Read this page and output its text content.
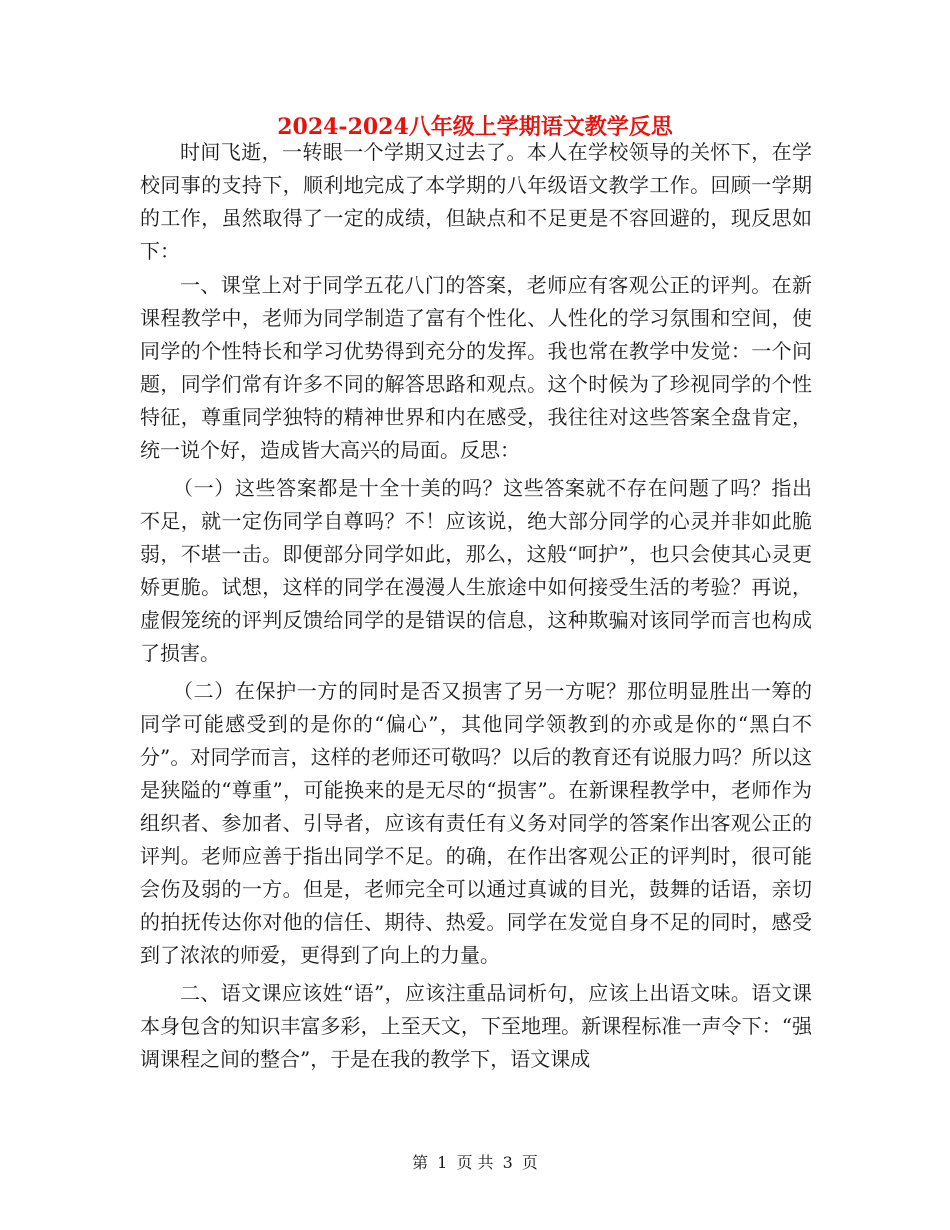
2024-2024八年级上学期语文教学反思

时间飞逝，一转眼一个学期又过去了。本人在学校领导的关怀下，在学校同事的支持下，顺利地完成了本学期的八年级语文教学工作。回顾一学期的工作，虽然取得了一定的成绩，但缺点和不足更是不容回避的，现反思如下：

一、课堂上对于同学五花八门的答案，老师应有客观公正的评判。在新课程教学中，老师为同学制造了富有个性化、人性化的学习氛围和空间，使同学的个性特长和学习优势得到充分的发挥。我也常在教学中发觉：一个问题，同学们常有许多不同的解答思路和观点。这个时候为了珍视同学的个性特征，尊重同学独特的精神世界和内在感受，我往往对这些答案全盘肯定，统一说个好，造成皆大高兴的局面。反思：

（一）这些答案都是十全十美的吗？这些答案就不存在问题了吗？指出不足，就一定伤同学自尊吗？不！应该说，绝大部分同学的心灵并非如此脆弱，不堪一击。即便部分同学如此，那么，这般“呵护”，也只会使其心灵更娇更脆。试想，这样的同学在漫漫人生旅途中如何接受生活的考验？再说，虚假笼统的评判反馈给同学的是错误的信息，这种欺骗对该同学而言也构成了损害。

（二）在保护一方的同时是否又损害了另一方呢？那位明显胜出一筹的同学可能感受到的是你的“偏心”，其他同学领教到的亦或是你的“黑白不分”。对同学而言，这样的老师还可敬吗？以后的教育还有说服力吗？所以这是狭隘的“尊重”，可能换来的是无尽的“损害”。在新课程教学中，老师作为组织者、参加者、引导者，应该有责任有义务对同学的答案作出客观公正的评判。老师应善于指出同学不足。的确，在作出客观公正的评判时，很可能会伤及弱的一方。但是，老师完全可以通过真诚的目光，鼓舞的话语，亲切的拍抚传达你对他的信任、期待、热爱。同学在发觉自身不足的同时，感受到了浓浓的师爱，更得到了向上的力量。

二、语文课应该姓“语”，应该注重品词析句，应该上出语文味。语文课本身包含的知识丰富多彩，上至天文，下至地理。新课程标准一声令下：“强调课程之间的整合”，于是在我的教学下，语文课成

第 1 页 共 3 页
